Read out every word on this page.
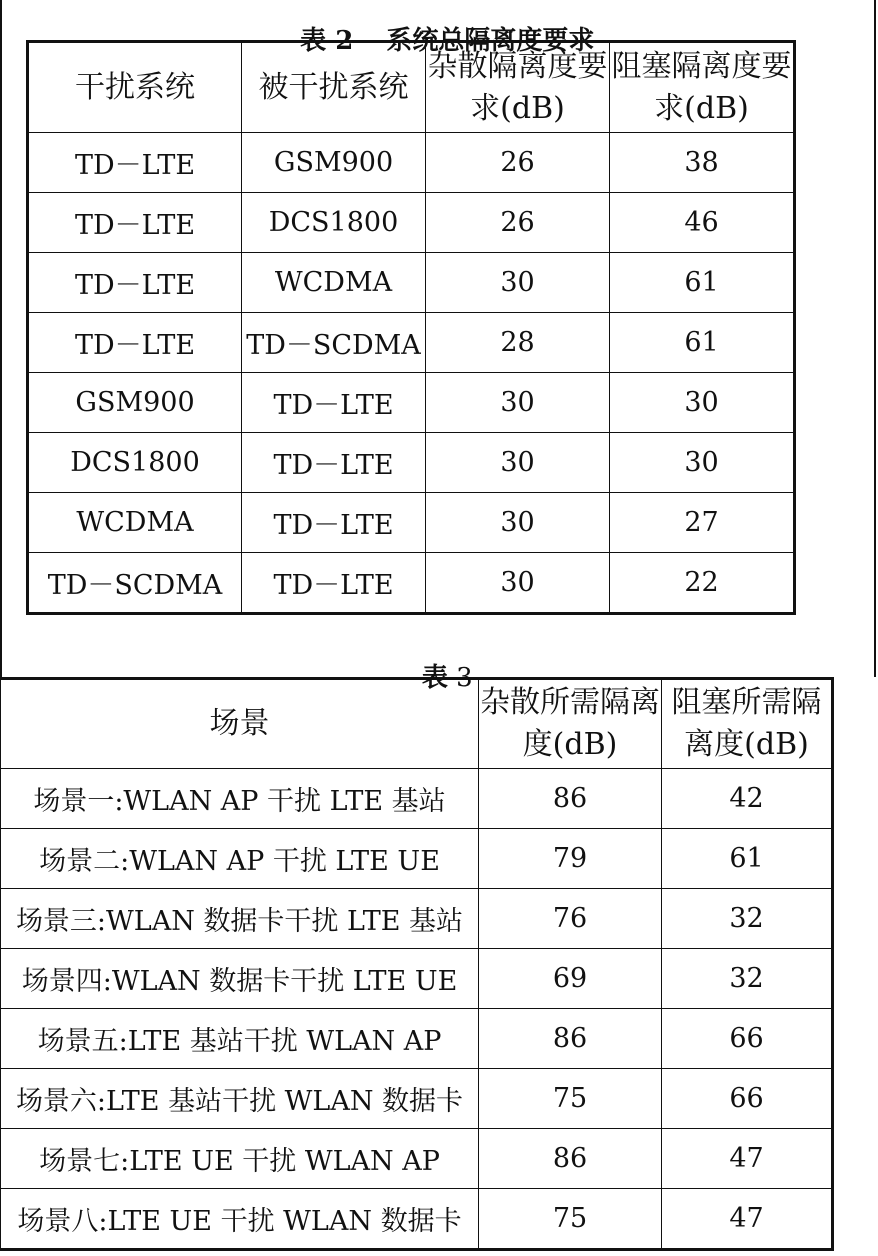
表 2 系统总隔离度要求

干扰系统	被干扰系统	杂散隔离度要求(dB)	阻塞隔离度要求(dB)
TD－LTE	GSM900	26	38
TD－LTE	DCS1800	26	46
TD－LTE	WCDMA	30	61
TD－LTE	TD－SCDMA	28	61
GSM900	TD－LTE	30	30
DCS1800	TD－LTE	30	30
WCDMA	TD－LTE	30	27
TD－SCDMA	TD－LTE	30	22

表 3

场景	杂散所需隔离度(dB)	阻塞所需隔离度(dB)
场景一:WLAN AP 干扰 LTE 基站	86	42
场景二:WLAN AP 干扰 LTE UE	79	61
场景三:WLAN 数据卡干扰 LTE 基站	76	32
场景四:WLAN 数据卡干扰 LTE UE	69	32
场景五:LTE 基站干扰 WLAN AP	86	66
场景六:LTE 基站干扰 WLAN 数据卡	75	66
场景七:LTE UE 干扰 WLAN AP	86	47
场景八:LTE UE 干扰 WLAN 数据卡	75	47
